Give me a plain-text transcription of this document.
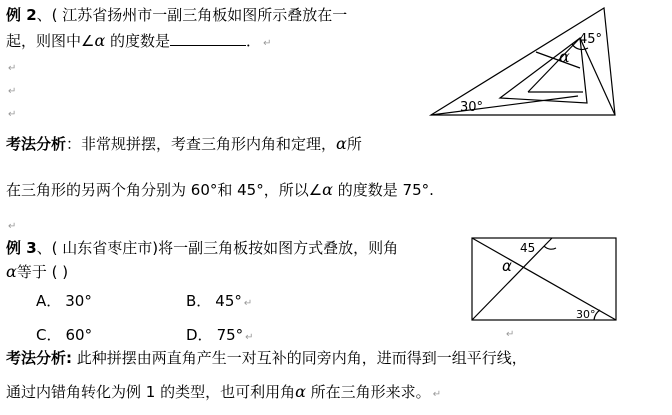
例 2、( 江苏省扬州市一副三角板如图所示叠放在一
起，则图中∠α 的度数是	． ↵
↵
↵
↵
45°
30°
α
考法分析：非常规拼摆，考查三角形内角和定理，α所
在三角形的另两个角分别为 60°和 45°，所以∠α 的度数是 75°.
↵
例 3、( 山东省枣庄市)将一副三角板按如图方式叠放，则角
α等于 ( )
A． 30°	B． 45° ↵
C． 60°	D． 75° ↵
45
α
30°
↵
考法分析: 此种拼摆由两直角产生一对互补的同旁内角，进而得到一组平行线，
通过内错角转化为例 1 的类型，也可利用角α 所在三角形来求。 ↵
